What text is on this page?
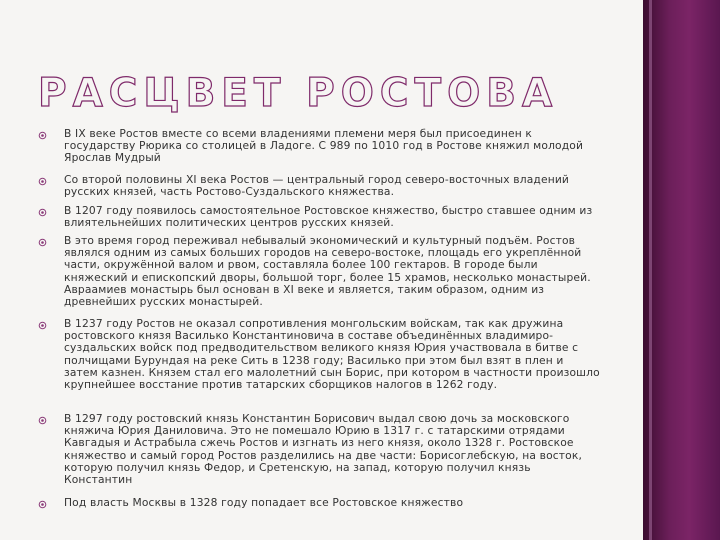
РАСЦВЕТ РОСТОВА
В IX веке Ростов вместе со всеми владениями племени меря был присоединен к государству Рюрика со столицей в Ладоге. С 989 по 1010 год в Ростове княжил молодой Ярослав Мудрый
Со второй половины XI века Ростов — центральный город северо-восточных владений русских князей, часть Ростово-Суздальского княжества.
В 1207 году появилось самостоятельное Ростовское княжество, быстро ставшее одним из влиятельнейших политических центров русских князей.
В это время город переживал небывалый экономический и культурный подъём. Ростов являлся одним из самых больших городов на северо-востоке, площадь его укреплённой части, окружённой валом и рвом, составляла более 100 гектаров. В городе были княжеский и епископский дворы, большой торг, более 15 храмов, несколько монастырей. Авраамиев монастырь был основан в XI веке и является, таким образом, одним из древнейших русских монастырей.
В 1237 году Ростов не оказал сопротивления монгольским войскам, так как дружина ростовского князя Василько Константиновича в составе объединённых владимиро-суздальских войск под предводительством великого князя Юрия участвовала в битве с полчищами Бурундая на реке Сить в 1238 году; Василько при этом был взят в плен и затем казнен. Князем стал его малолетний сын Борис, при котором в частности произошло крупнейшее восстание против татарских сборщиков налогов в 1262 году.
В 1297 году ростовский князь Константин Борисович выдал свою дочь за московского княжича Юрия Даниловича. Это не помешало Юрию в 1317 г. с татарскими отрядами Кавгадыя и Астрабыла сжечь Ростов и изгнать из него князя, около 1328 г. Ростовское княжество и самый город Ростов разделились на две части: Борисоглебскую, на восток, которую получил князь Федор, и Сретенскую, на запад, которую получил князь Константин
Под власть Москвы в 1328 году попадает все Ростовское княжество
